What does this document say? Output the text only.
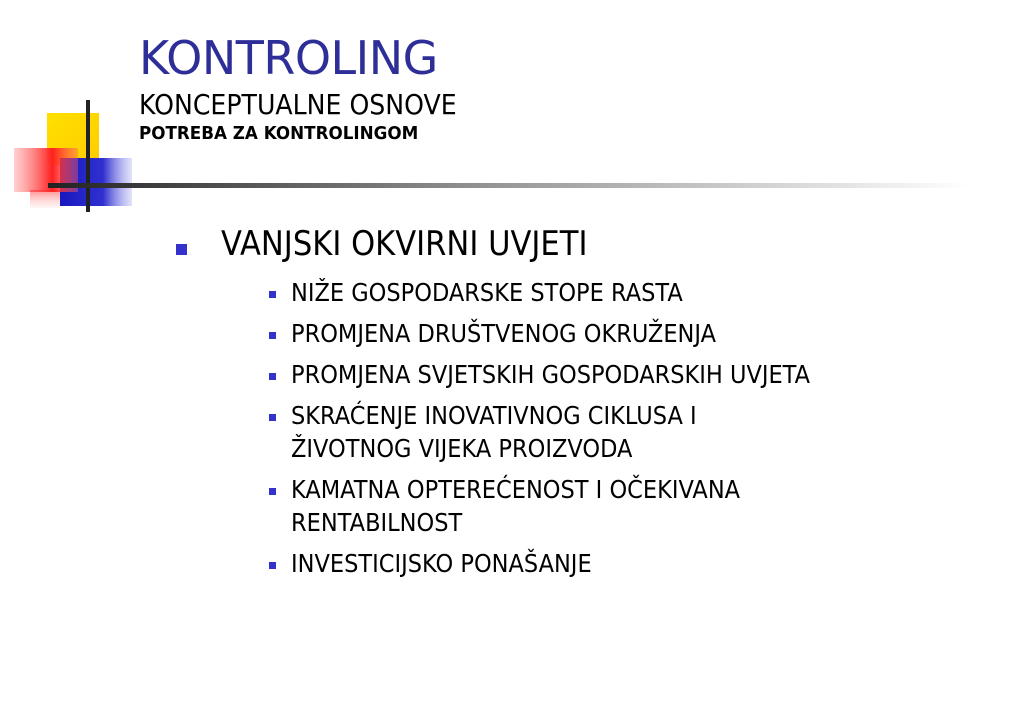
KONTROLING
KONCEPTUALNE OSNOVE
POTREBA ZA KONTROLINGOM
VANJSKI OKVIRNI UVJETI
NIŽE GOSPODARSKE STOPE RASTA
PROMJENA DRUŠTVENOG OKRUŽENJA
PROMJENA SVJETSKIH GOSPODARSKIH UVJETA
SKRAĆENJE INOVATIVNOG CIKLUSA I
ŽIVOTNOG VIJEKA PROIZVODA
KAMATNA OPTEREĆENOST I OČEKIVANA
RENTABILNOST
INVESTICIJSKO PONAŠANJE
